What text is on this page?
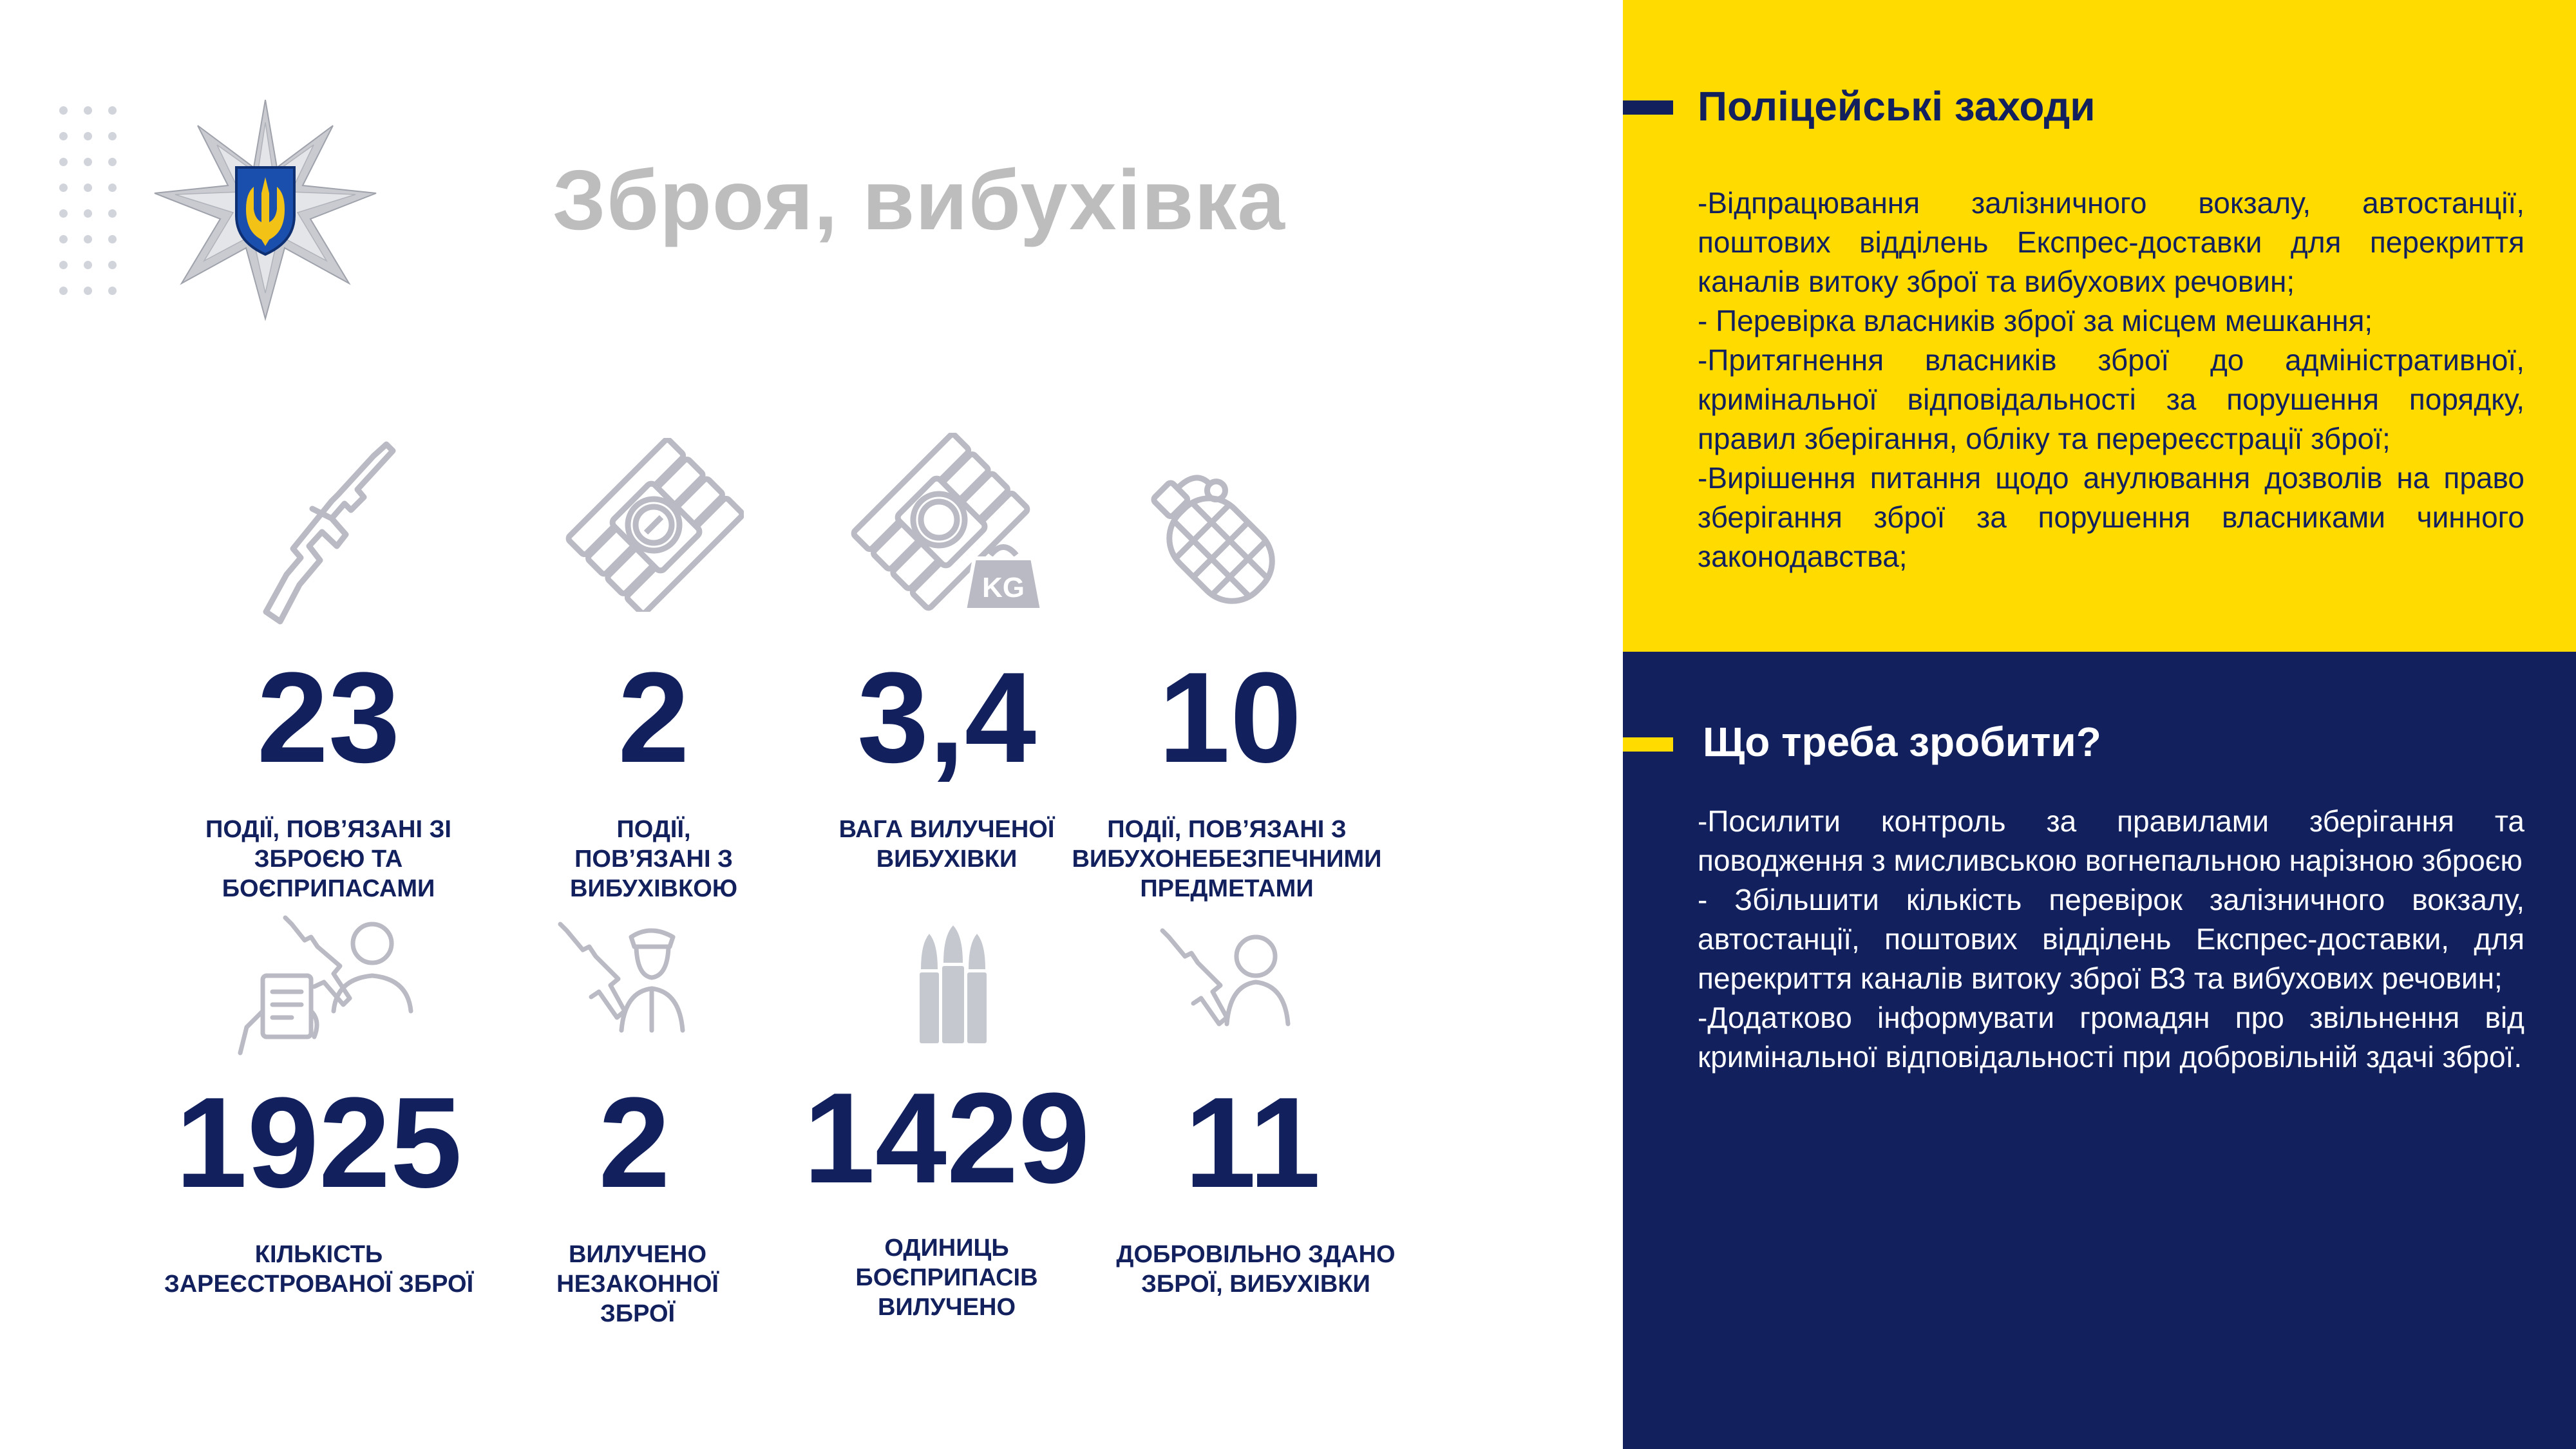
Зброя, вибухівка
KG
23
ПОДІЇ, ПОВ’ЯЗАНІ ЗІ ЗБРОЄЮ ТА БОЄПРИПАСАМИ
2
ПОДІЇ, ПОВ’ЯЗАНІ З ВИБУХІВКОЮ
3,4
ВАГА ВИЛУЧЕНОЇ ВИБУХІВКИ
10
ПОДІЇ, ПОВ’ЯЗАНІ З ВИБУХОНЕБЕЗПЕЧНИМИ ПРЕДМЕТАМИ
1925
КІЛЬКІСТЬ ЗАРЕЄСТРОВАНОЇ ЗБРОЇ
2
ВИЛУЧЕНО НЕЗАКОННОЇ ЗБРОЇ
1429
ОДИНИЦЬ БОЄПРИПАСІВ ВИЛУЧЕНО
11
ДОБРОВІЛЬНО ЗДАНО ЗБРОЇ, ВИБУХІВКИ
Поліцейські заходи

-Відпрацювання залізничного вокзалу, автостанції, поштових відділень Експрес-доставки для перекриття каналів витоку зброї та вибухових речовин;

- Перевірка власників зброї за місцем мешкання;

-Притягнення власників зброї до адміністративної, кримінальної відповідальності за порушення порядку, правил зберігання, обліку та перереєстрації зброї;

-Вирішення питання щодо анулювання дозволів на право зберігання зброї за порушення власниками чинного законодавства;

Що треба зробити?

-Посилити контроль за правилами зберігання та поводження з мисливською вогнепальною нарізною зброєю

- Збільшити кількість перевірок залізничного вокзалу, автостанції, поштових відділень Експрес-доставки, для перекриття каналів витоку зброї ВЗ та вибухових речовин;

-Додатково інформувати громадян про звільнення від кримінальної відповідальності при добровільній здачі зброї.
